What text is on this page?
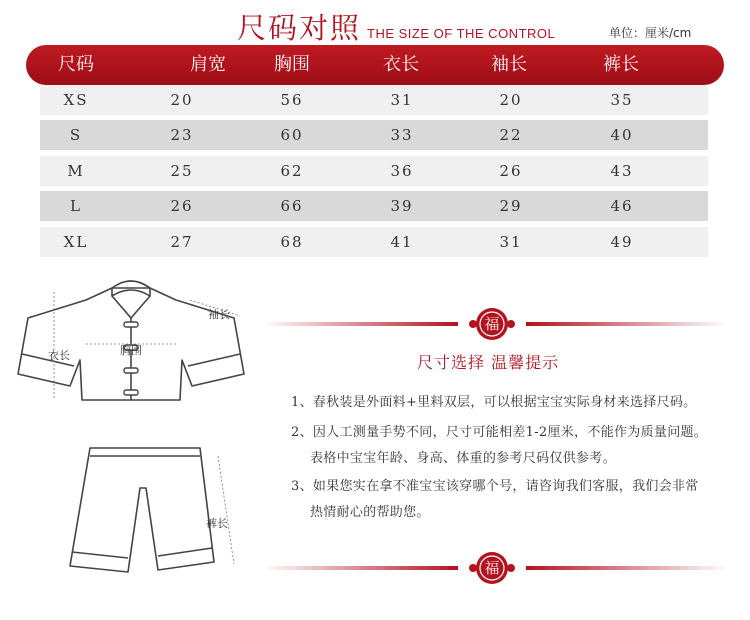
尺码对照 THE SIZE OF THE CONTROL	单位：厘米/cm
尺码	肩宽	胸围	衣长	袖长	裤长
XS	20	56	31	20	35
S	23	60	33	22	40
M	25	62	36	26	43
L	26	66	39	29	46
XL	27	68	41	31	49
袖长
衣长	胸围
裤长
福
尺寸选择 温馨提示
1、春秋装是外面料+里料双层，可以根据宝宝实际身材来选择尺码。
2、因人工测量手势不同，尺寸可能相差1-2厘米，不能作为质量问题。
表格中宝宝年龄、身高、体重的参考尺码仅供参考。
3、如果您实在拿不准宝宝该穿哪个号，请咨询我们客服，我们会非常
热情耐心的帮助您。
福
